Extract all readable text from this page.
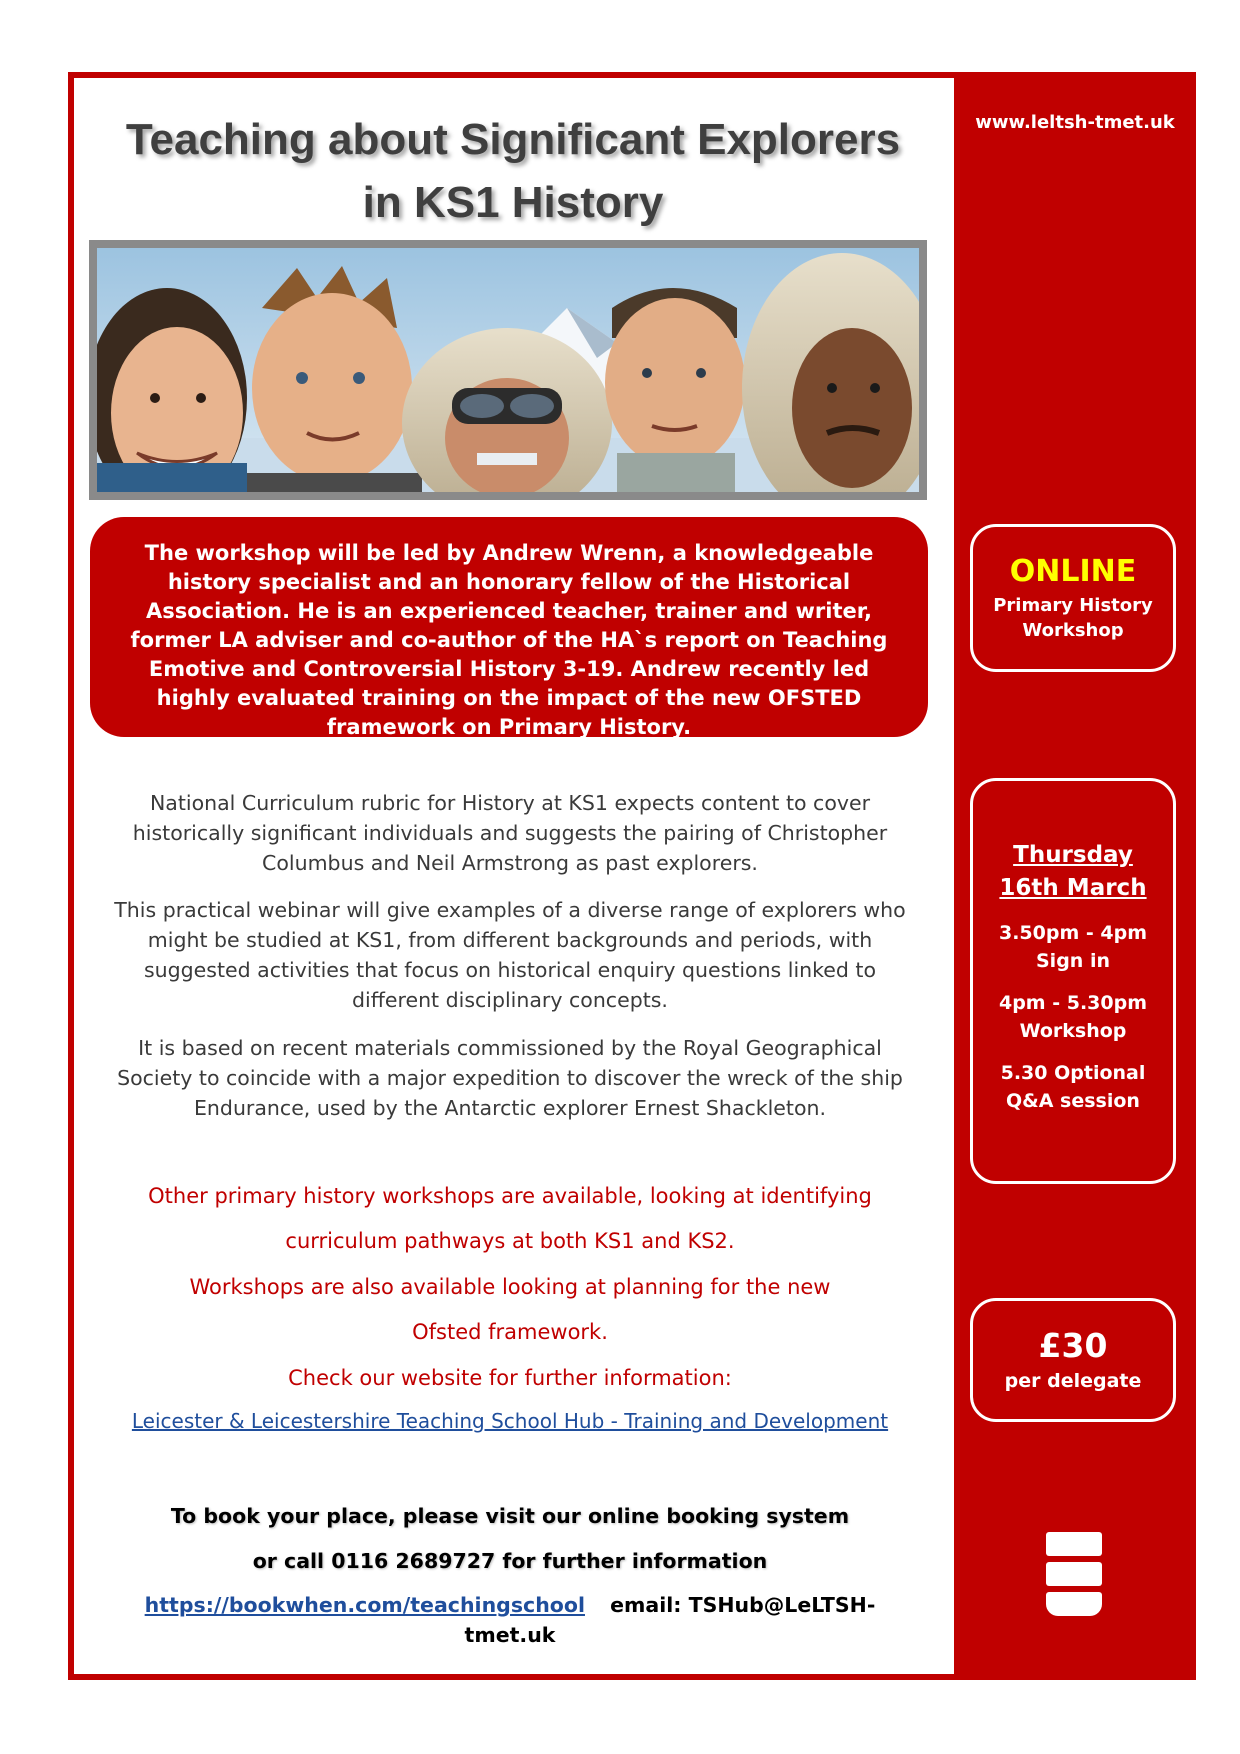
www.leltsh-tmet.uk
ONLINE
Primary History
Workshop
Thursday
16th March
3.50pm - 4pm
Sign in
4pm - 5.30pm
Workshop
5.30 Optional
Q&A session
£30
per delegate
Teaching about Significant Explorers
in KS1 History
The workshop will be led by Andrew Wrenn, a knowledgeable history specialist and an honorary fellow of the Historical Association. He is an experienced teacher, trainer and writer, former LA adviser and co-author of the HA`s report on Teaching Emotive and Controversial History 3-19. Andrew recently led highly evaluated training on the impact of the new OFSTED framework on Primary History.

National Curriculum rubric for History at KS1 expects content to cover historically significant individuals and suggests the pairing of Christopher Columbus and Neil Armstrong as past explorers.

This practical webinar will give examples of a diverse range of explorers who might be studied at KS1, from different backgrounds and periods, with suggested activities that focus on historical enquiry questions linked to different disciplinary concepts.

It is based on recent materials commissioned by the Royal Geographical Society to coincide with a major expedition to discover the wreck of the ship Endurance, used by the Antarctic explorer Ernest Shackleton.

Other primary history workshops are available, looking at identifying
curriculum pathways at both KS1 and KS2.
Workshops are also available looking at planning for the new
Ofsted framework.
Check our website for further information:
Leicester & Leicestershire Teaching School Hub - Training and Development
To book your place, please visit our online booking system
or call 0116 2689727 for further information
https://bookwhen.com/teachingschool email: TSHub@LeLTSH-tmet.uk
